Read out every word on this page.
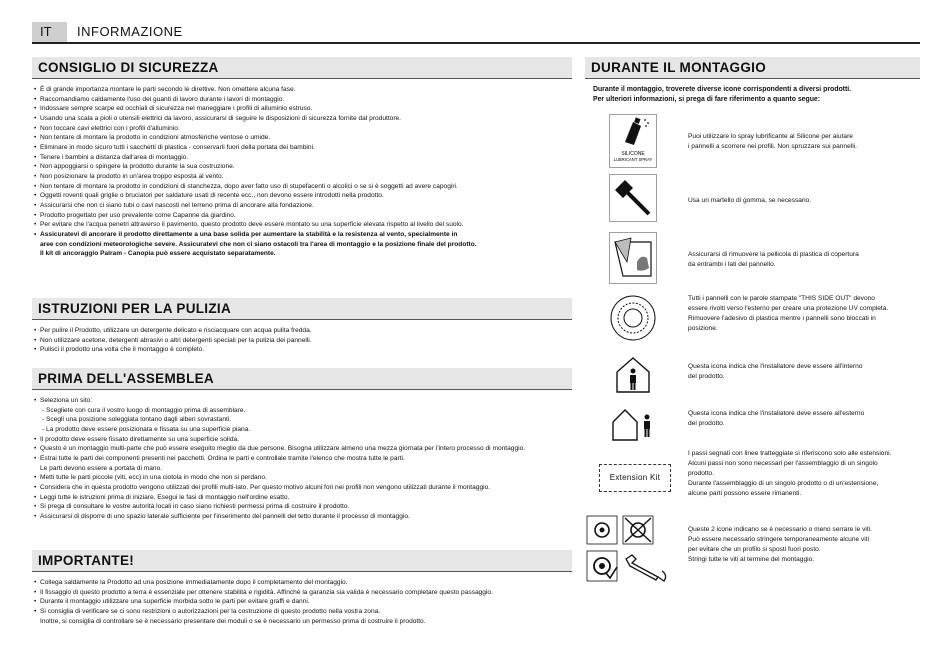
IT	INFORMAZIONE
CONSIGLIO DI SICUREZZA
• È di grande importanza montare le parti secondo le direttive. Non omettere alcuna fase.
• Raccomandiamo caldamente l'uso dei guanti di lavoro durante i lavori di montaggio.
• Indossare sempre scarpe ed occhiali di sicurezza nel maneggiare i profili di alluminio estruso.
• Usando una scala a pioli o utensili elettrici da lavoro, assicurarsi di seguire le disposizioni di sicurezza fornite dal produttore.
• Non toccare cavi elettrici con i profili d'alluminio.
• Non tentare di montare la prodotto in condizioni atmosferiche ventose o umide.
• Eliminare in modo sicuro tutti i sacchetti di plastica - conservarli fuori della portata dei bambini.
• Tenere i bambini a distanza dall'area di montaggio.
• Non appoggiarsi o spingere la prodotto durante la sua costruzione.
• Non posizionare la prodotto in un'area troppo esposta al vento.
• Non tentare di montare la prodotto in condizioni di stanchezza, dopo aver fatto uso di stupefacenti o alcolici o se si è soggetti ad avere capogiri.
• Oggetti roventi quali griglie o bruciatori per saldature usati di recente ecc., non devono essere introdotti nella prodotto.
• Assicurarsi che non ci siano tubi o cavi nascosti nel terreno prima di ancorare alla fondazione.
• Prodotto progettato per uso prevalente come Capanne da giardino.
• Per evitare che l'acqua penetri attraverso il pavimento, questo prodotto deve essere montato su una superficie elevata rispetto al livello del suolo.
• Assicuratevi di ancorare il prodotto direttamente a una base solida per aumentare la stabilità e la resistenza al vento, specialmente in
aree con condizioni meteorologiche severe. Assicuratevi che non ci siano ostacoli tra l'area di montaggio e la posizione finale del prodotto.
Il kit di ancoraggio Palram - Canopia può essere acquistato separatamente.
ISTRUZIONI PER LA PULIZIA
• Per pulire il Prodotto, utilizzare un detergente delicato e risciacquare con acqua pulita fredda.
• Non utilizzare acetone, detergenti abrasivi o altri detergenti speciali per la pulizia dei pannelli.
• Pulisci il prodotto una volta che il montaggio è completo.
PRIMA DELL'ASSEMBLEA
• Seleziona un sito:
- Scegliete con cura il vostro luogo di montaggio prima di assemblare.
- Scegli una posizione soleggiata lontano dagli alberi sovrastanti.
- La prodotto deve essere posizionata e fissata su una superficie piana.
• Il prodotto deve essere fissato direttamente su una superficie solida.
• Questo è un montaggio multi-parte che può essere eseguito meglio da due persone. Bisogna utilizzare almeno una mezza giornata per l'intero processo di montaggio.
• Estrai tutte le parti dei componenti presenti nei pacchetti. Ordina le parti e controllale tramite l'elenco che mostra tutte le parti.
Le parti devono essere a portata di mano.
• Metti tutte le parti piccole (viti, ecc) in una ciotola in modo che non si perdano.
• Considera che in questa prodotto vengono utilizzati dei profili multi-lato. Per questo motivo alcuni fori nei profili non vengono utilizzati durante il montaggio.
• Leggi tutte le istruzioni prima di iniziare. Esegui le fasi di montaggio nell'ordine esatto.
• Si prega di consultare le vostre autorità locali in caso siano richiesti permessi prima di costruire il prodotto.
• Assicurarsi di disporre di uno spazio laterale sufficiente per l'inserimento dei pannelli del tetto durante il processo di montaggio.
IMPORTANTE!
• Collega saldamente la Prodotto ad una posizione immediatamente dopo il completamento del montaggio.
• Il fissaggio di questo prodotto a terra è essenziale per ottenere stabilità e rigidità. Affinché la garanzia sia valida è necessario completare questo passaggio.
• Durante il montaggio utilizzare una superficie morbida sotto le parti per evitare graffi e danni.
• Si consiglia di verificare se ci sono restrizioni o autorizzazioni per la costruzione di questo prodotto nella vostra zona.
Inoltre, si consiglia di controllare se è necessario presentare dei moduli o se è necessario un permesso prima di costruire il prodotto.
DURANTE IL MONTAGGIO
Durante il montaggio, troverete diverse icone corrispondenti a diversi prodotti.
Per ulteriori informazioni, si prega di fare riferimento a quanto segue:
SILICONE
LUBRICANT SPRAY
Puoi utilizzare lo spray lubrificante al Silicone per aiutare
i pannelli a scorrere nei profili. Non spruzzare sui pannelli.
Usa un martello di gomma, se necessario.
Assicurarsi di rimuovere la pellicola di plastica di copertura
da entrambi i lati del pannello.
Tutti i pannelli con le parole stampate "THIS SIDE OUT" devono
essere rivolti verso l'esterno per creare una protezione UV completa.
Rimuovere l'adesivo di plastica mentre i pannelli sono bloccati in
posizione.
Questa icona indica che l'installatore deve essere all'interno
del prodotto.
Questa icona indica che l'installatore deve essere all'esterno
del prodotto.
Extension Kit
I passi segnati con linee tratteggiate si riferiscono solo alle estensioni.
Alcuni passi non sono necessari per l'assemblaggio di un singolo
prodotto.
Durante l'assemblaggio di un singolo prodotto o di un'estensione,
alcune parti possono essere rimanenti.
Queste 2 icone indicano se è necessario o meno serrare le viti.
Può essere necessario stringere temporaneamente alcune viti
per evitare che un profilo si sposti fuori posto.
Stringi tutte le viti al termine del montaggio.
